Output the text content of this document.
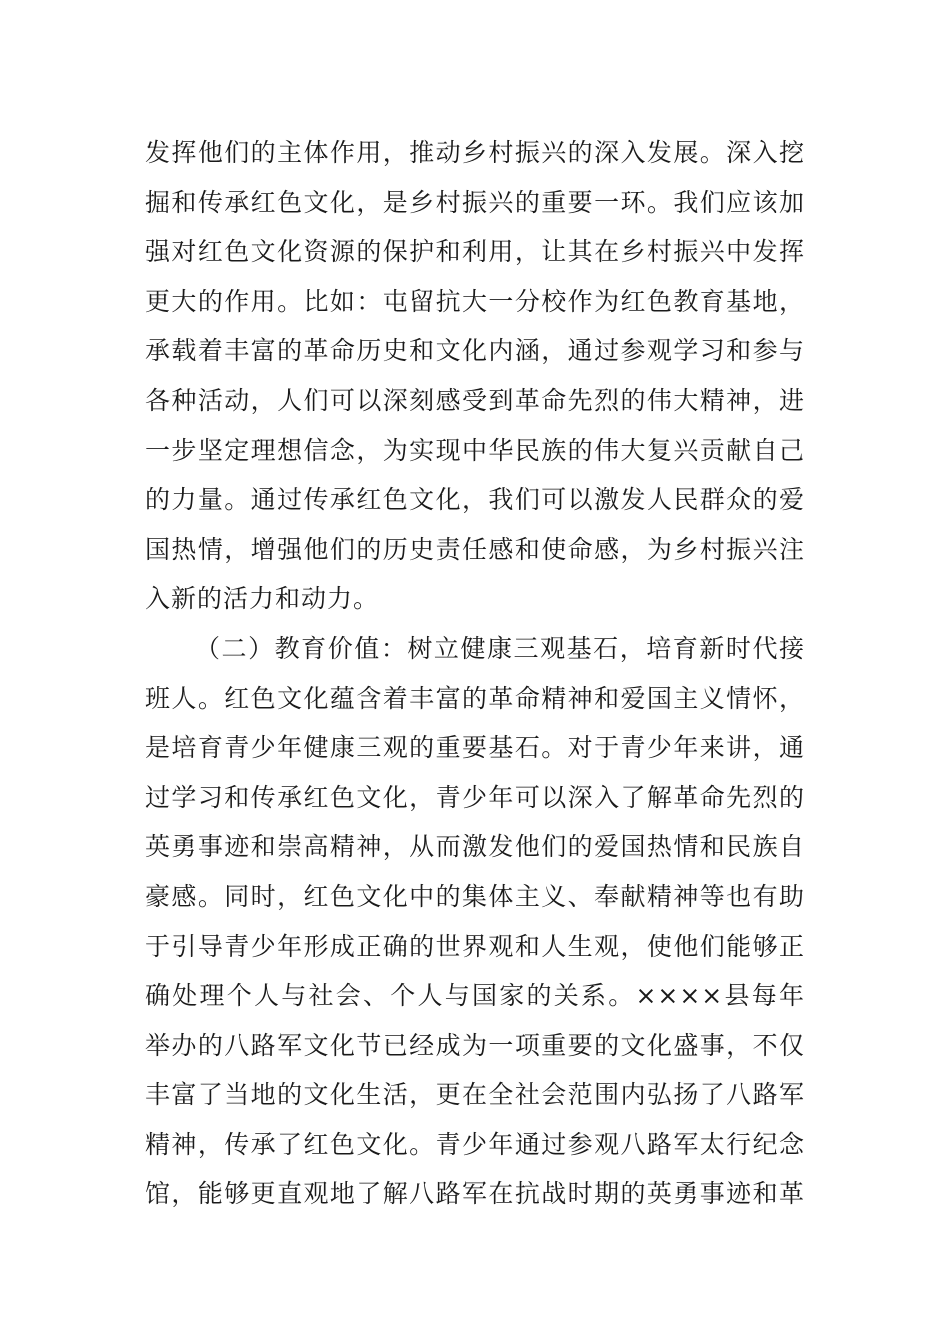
发挥他们的主体作用，推动乡村振兴的深入发展。深入挖
掘和传承红色文化，是乡村振兴的重要一环。我们应该加
强对红色文化资源的保护和利用，让其在乡村振兴中发挥
更大的作用。比如：屯留抗大一分校作为红色教育基地，
承载着丰富的革命历史和文化内涵，通过参观学习和参与
各种活动，人们可以深刻感受到革命先烈的伟大精神，进
一步坚定理想信念，为实现中华民族的伟大复兴贡献自己
的力量。通过传承红色文化，我们可以激发人民群众的爱
国热情，增强他们的历史责任感和使命感，为乡村振兴注
入新的活力和动力。
（二）教育价值：树立健康三观基石，培育新时代接
班人。红色文化蕴含着丰富的革命精神和爱国主义情怀，
是培育青少年健康三观的重要基石。对于青少年来讲，通
过学习和传承红色文化，青少年可以深入了解革命先烈的
英勇事迹和崇高精神，从而激发他们的爱国热情和民族自
豪感。同时，红色文化中的集体主义、奉献精神等也有助
于引导青少年形成正确的世界观和人生观，使他们能够正
确处理个人与社会、个人与国家的关系。××××县每年
举办的八路军文化节已经成为一项重要的文化盛事，不仅
丰富了当地的文化生活，更在全社会范围内弘扬了八路军
精神，传承了红色文化。青少年通过参观八路军太行纪念
馆，能够更直观地了解八路军在抗战时期的英勇事迹和革
